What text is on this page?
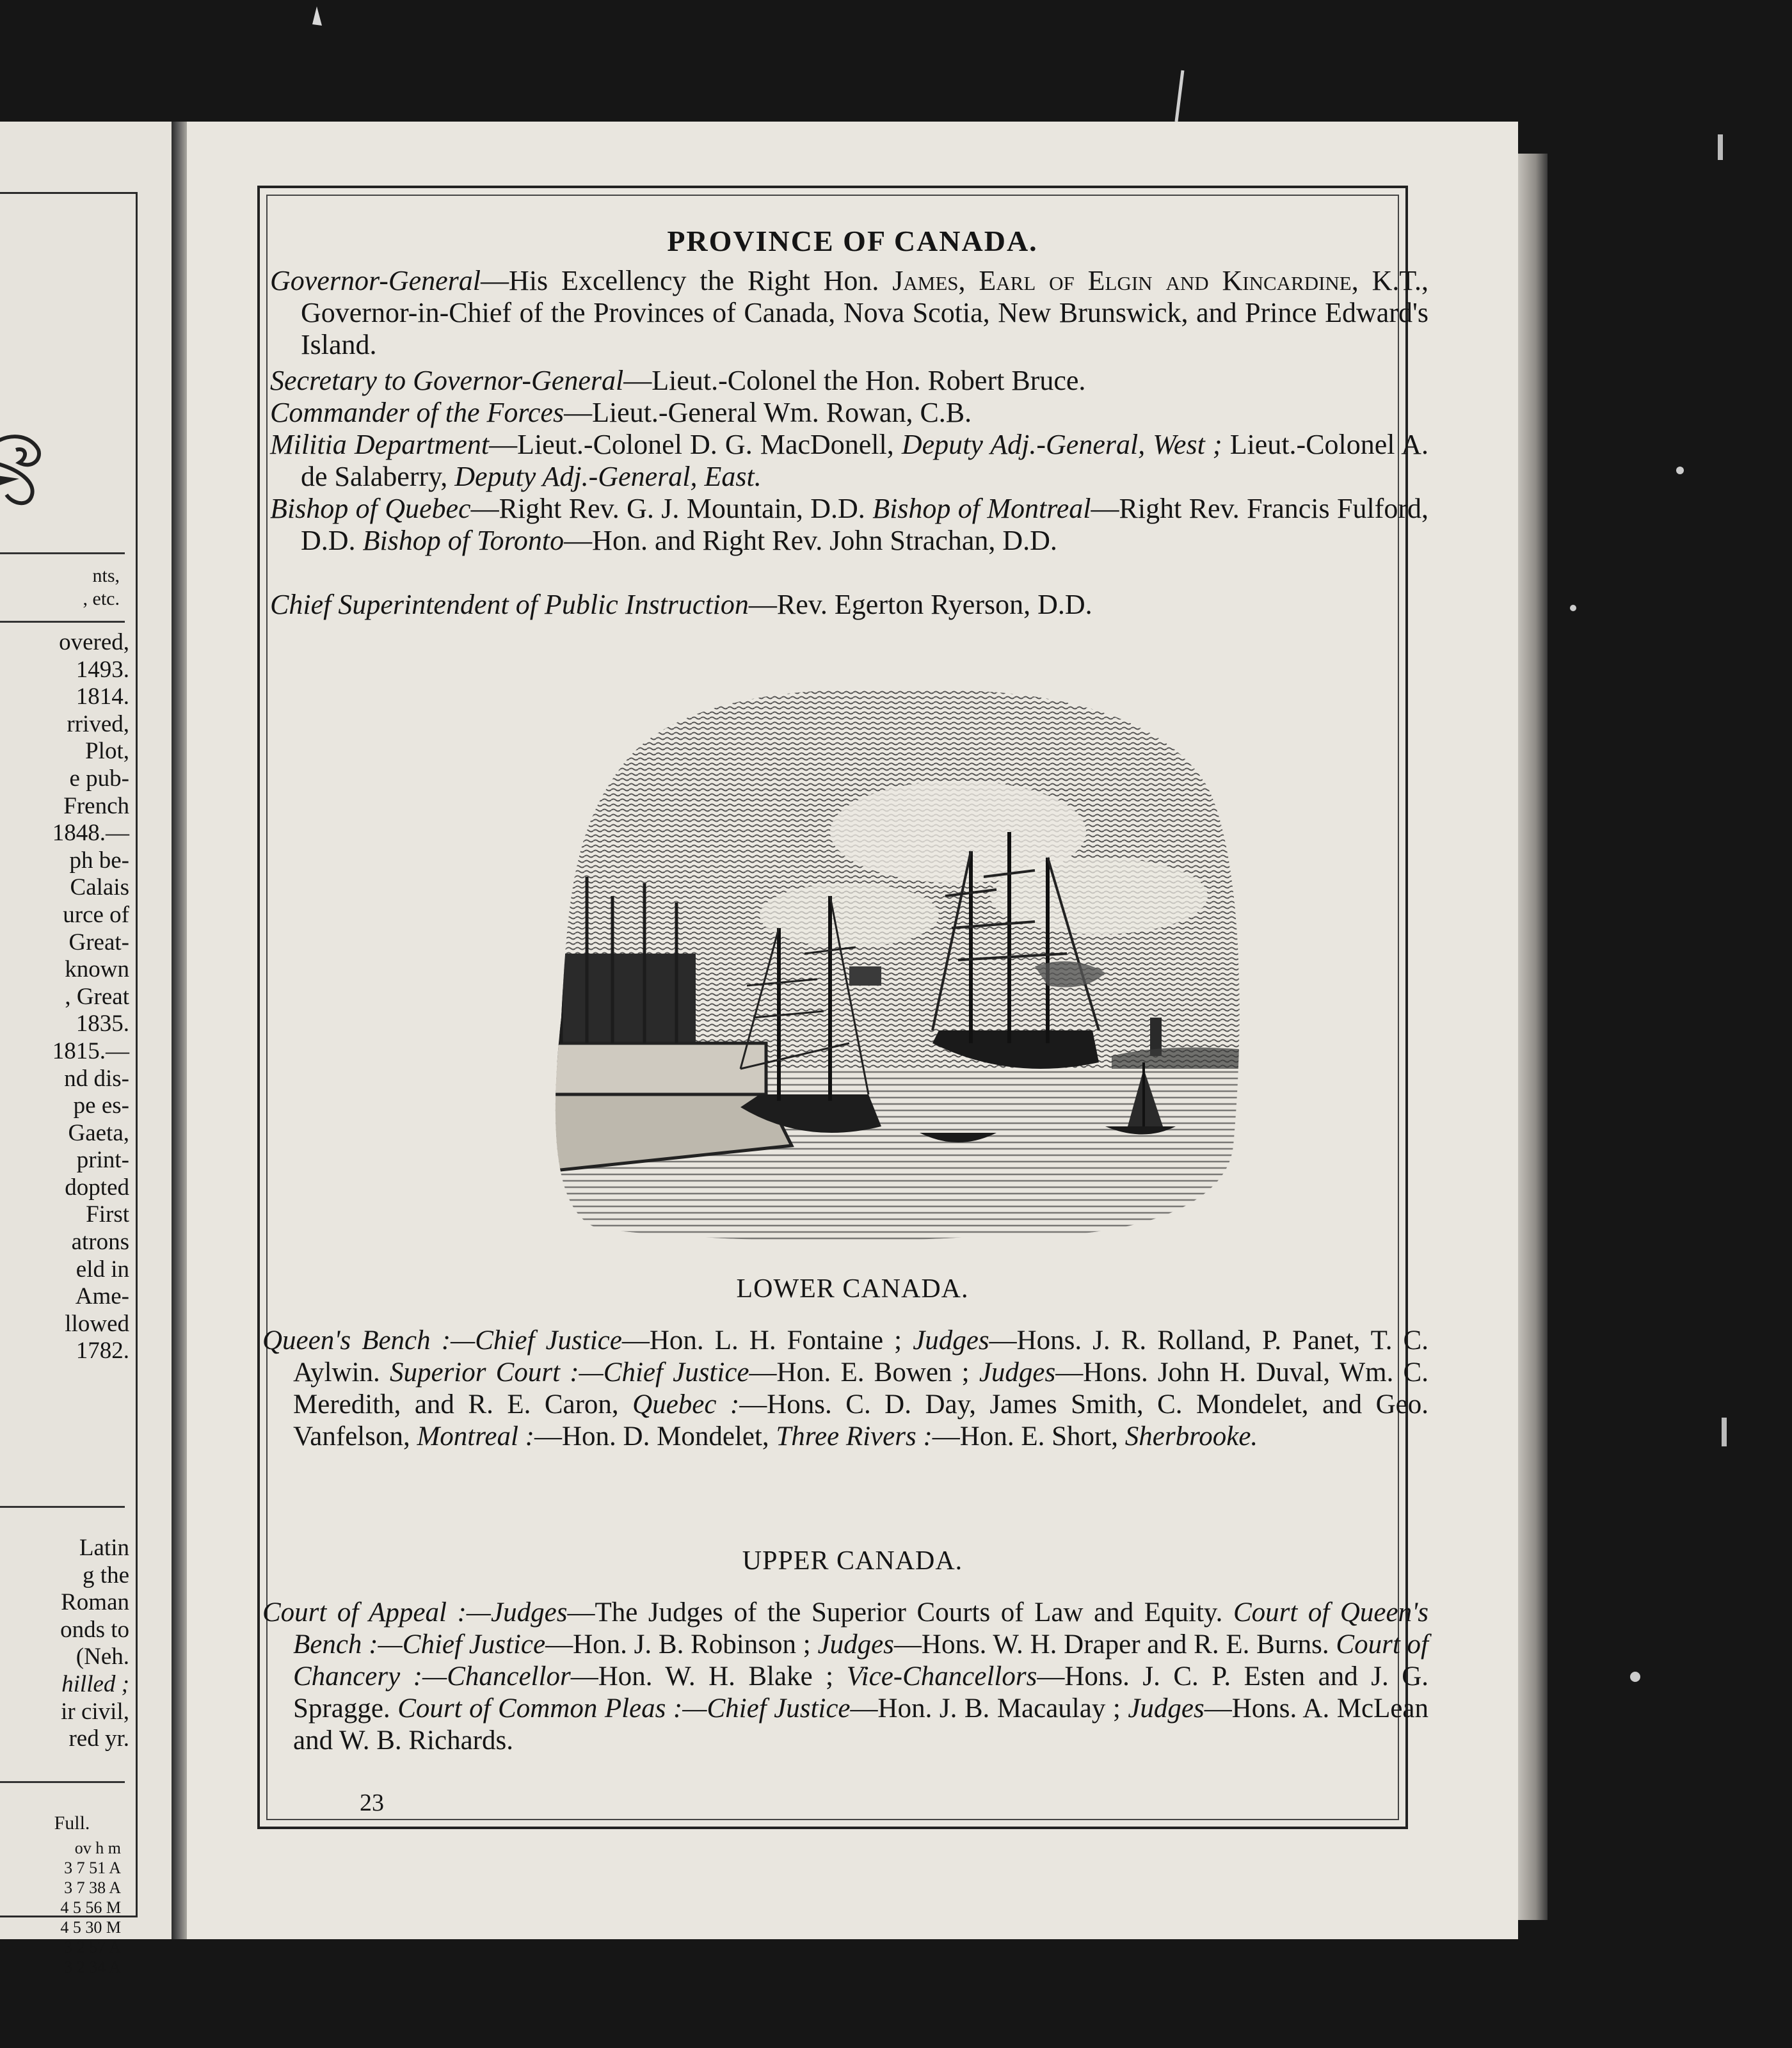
nts,
, etc.
overed,
1493.
1814.
rrived,
Plot,
e pub-
French
1848.—
ph be-
Calais
urce of
Great-
known
, Great
1835.
1815.—
nd dis-
pe es-
Gaeta,
print-
dopted
First
atrons
eld in
Ame-
llowed
1782.
Latin
g the
Roman
onds to
(Neh.
hilled ;
ir civil,
red yr.
Full.
ov h m
3 7 51 A
3 7 38 A
4 5 56 M
4 5 30 M
3 2 57 A
3 2 34 A
PROVINCE OF CANADA.
Governor-General—His Excellency the Right Hon. James, Earl of Elgin and Kincardine, K.T., Governor-in-Chief of the Provinces of Canada, Nova Scotia, New Brunswick, and Prince Edward's Island.
Secretary to Governor-General—Lieut.-Colonel the Hon. Robert Bruce.
Commander of the Forces—Lieut.-General Wm. Rowan, C.B.
Militia Department—Lieut.-Colonel D. G. MacDonell, Deputy Adj.-General, West ; Lieut.-Colonel A. de Salaberry, Deputy Adj.-General, East.
Bishop of Quebec—Right Rev. G. J. Mountain, D.D. Bishop of Montreal—Right Rev. Francis Fulford, D.D. Bishop of Toronto—Hon. and Right Rev. John Strachan, D.D.
Chief Superintendent of Public Instruction—Rev. Egerton Ryerson, D.D.
LOWER CANADA.
Queen's Bench :—Chief Justice—Hon. L. H. Fontaine ; Judges—Hons. J. R. Rolland, P. Panet, T. C. Aylwin. Superior Court :—Chief Justice—Hon. E. Bowen ; Judges—Hons. John H. Duval, Wm. C. Meredith, and R. E. Caron, Quebec :—Hons. C. D. Day, James Smith, C. Mondelet, and Geo. Vanfelson, Montreal :—Hon. D. Mondelet, Three Rivers :—Hon. E. Short, Sherbrooke.
UPPER CANADA.
Court of Appeal :—Judges—The Judges of the Superior Courts of Law and Equity. Court of Queen's Bench :—Chief Justice—Hon. J. B. Robinson ; Judges—Hons. W. H. Draper and R. E. Burns. Court of Chancery :—Chancellor—Hon. W. H. Blake ; Vice-Chancellors—Hons. J. C. P. Esten and J. G. Spragge. Court of Common Pleas :—Chief Justice—Hon. J. B. Macaulay ; Judges—Hons. A. McLean and W. B. Richards.
23
